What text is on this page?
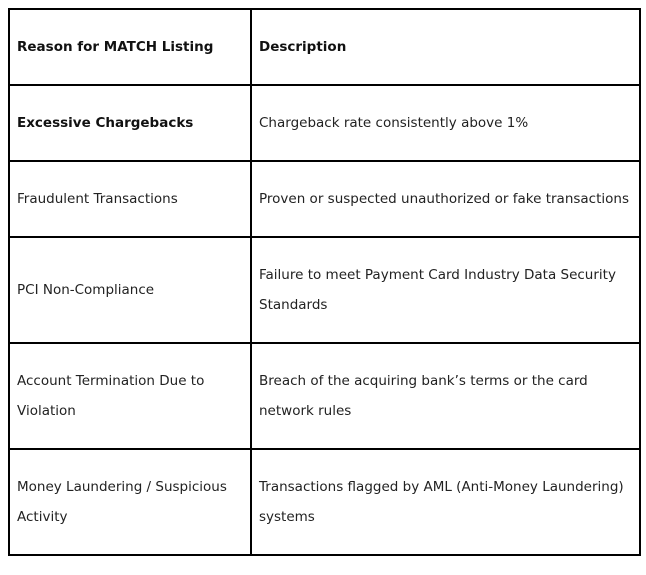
Reason for MATCH Listing	Description
Excessive Chargebacks	Chargeback rate consistently above 1%
Fraudulent Transactions	Proven or suspected unauthorized or fake transactions
PCI Non-Compliance	Failure to meet Payment Card Industry Data Security Standards
Account Termination Due to Violation	Breach of the acquiring bank’s terms or the card network rules
Money Laundering / Suspicious Activity	Transactions flagged by AML (Anti-Money Laundering) systems
